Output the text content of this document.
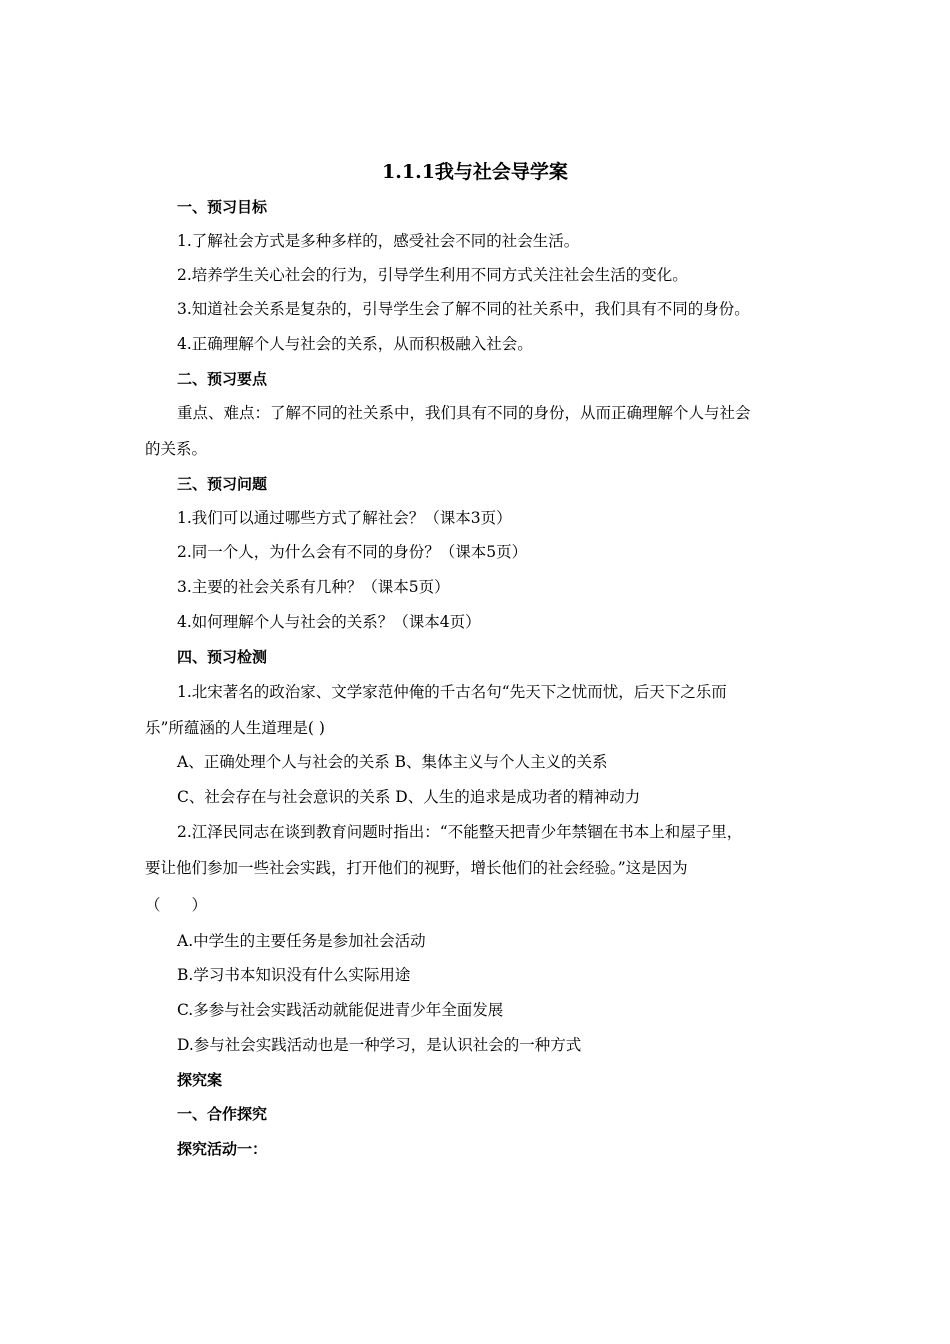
1.1.1我与社会导学案
一、预习目标
1.了解社会方式是多种多样的，感受社会不同的社会生活。
2.培养学生关心社会的行为，引导学生利用不同方式关注社会生活的变化。
3.知道社会关系是复杂的，引导学生会了解不同的社关系中，我们具有不同的身份。
4.正确理解个人与社会的关系，从而积极融入社会。
二、预习要点
重点、难点：了解不同的社关系中，我们具有不同的身份，从而正确理解个人与社会
的关系。
三、预习问题
1.我们可以通过哪些方式了解社会？（课本3页）
2.同一个人，为什么会有不同的身份？（课本5页）
3.主要的社会关系有几种？（课本5页）
4.如何理解个人与社会的关系？（课本4页）
四、预习检测
1.北宋著名的政治家、文学家范仲俺的千古名句“先天下之忧而忧，后天下之乐而
乐”所蕴涵的人生道理是( )
A、正确处理个人与社会的关系 B、集体主义与个人主义的关系
C、社会存在与社会意识的关系 D、人生的追求是成功者的精神动力
2.江泽民同志在谈到教育问题时指出：“不能整天把青少年禁锢在书本上和屋子里，
要让他们参加一些社会实践，打开他们的视野，增长他们的社会经验。”这是因为
（　　）
A.中学生的主要任务是参加社会活动
B.学习书本知识没有什么实际用途
C.多参与社会实践活动就能促进青少年全面发展
D.参与社会实践活动也是一种学习，是认识社会的一种方式
探究案
一、合作探究
探究活动一：
